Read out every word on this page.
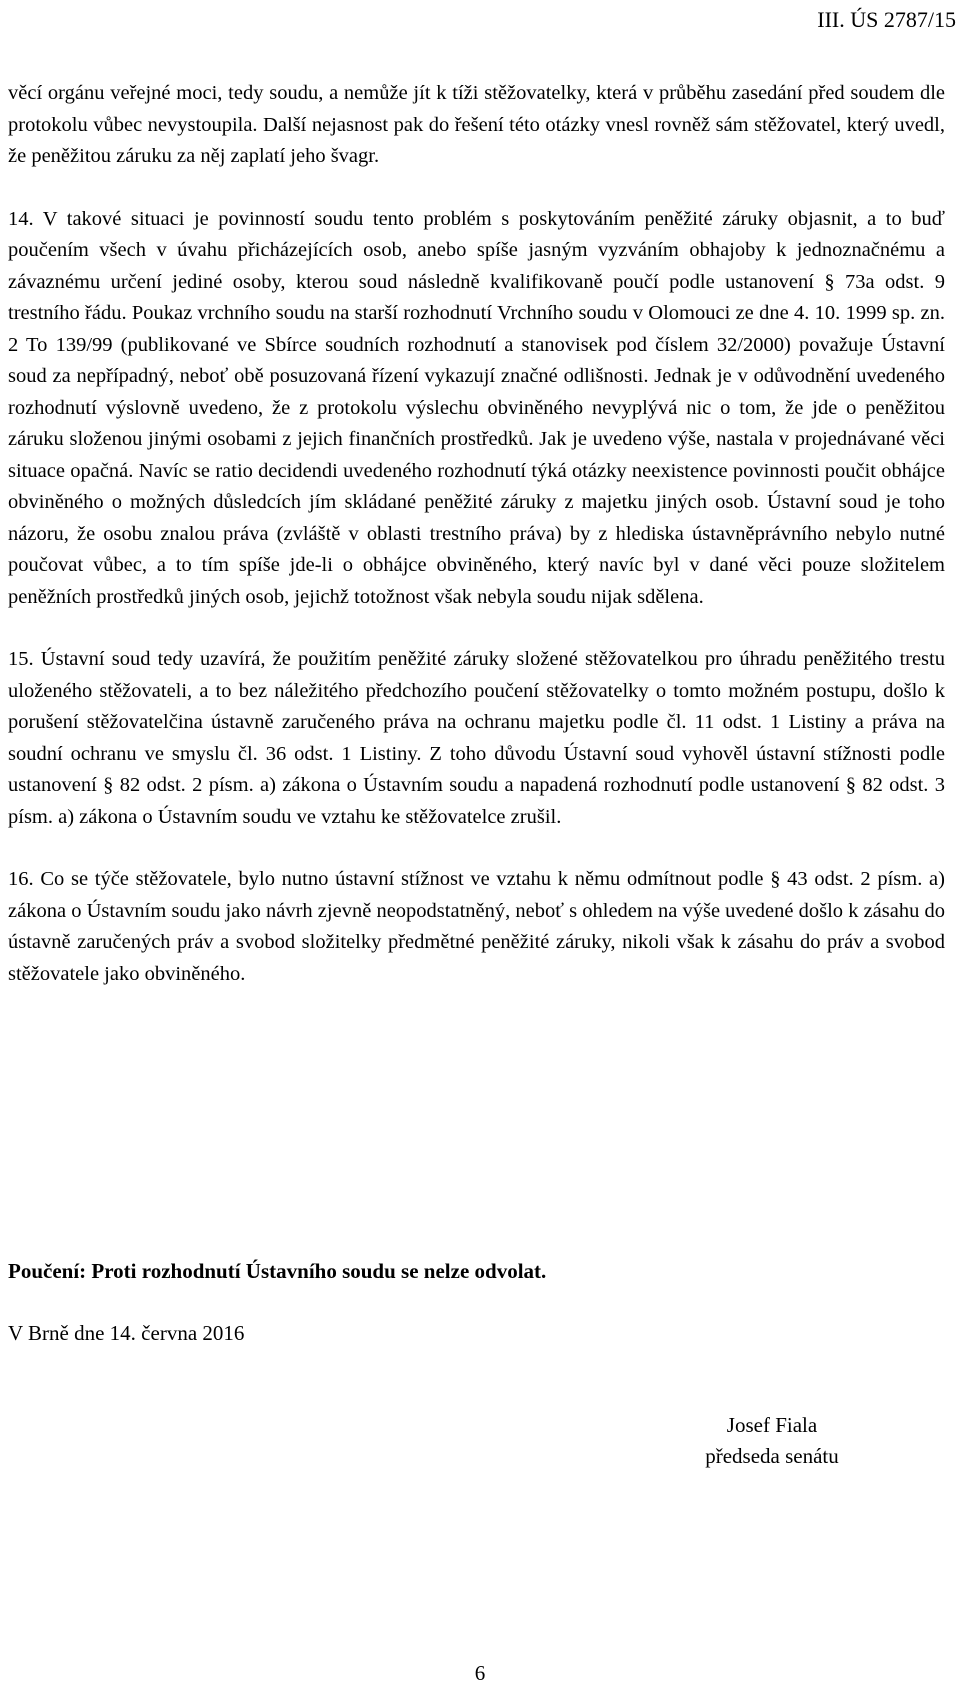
III. ÚS 2787/15

věcí orgánu veřejné moci, tedy soudu, a nemůže jít k tíži stěžovatelky, která v průběhu zasedání před soudem dle protokolu vůbec nevystoupila. Další nejasnost pak do řešení této otázky vnesl rovněž sám stěžovatel, který uvedl, že peněžitou záruku za něj zaplatí jeho švagr.

14. V takové situaci je povinností soudu tento problém s poskytováním peněžité záruky objasnit, a to buď poučením všech v úvahu přicházejících osob, anebo spíše jasným vyzváním obhajoby k jednoznačnému a závaznému určení jediné osoby, kterou soud následně kvalifikovaně poučí podle ustanovení § 73a odst. 9 trestního řádu. Poukaz vrchního soudu na starší rozhodnutí Vrchního soudu v Olomouci ze dne 4. 10. 1999 sp. zn. 2 To 139/99 (publikované ve Sbírce soudních rozhodnutí a stanovisek pod číslem 32/2000) považuje Ústavní soud za nepřípadný, neboť obě posuzovaná řízení vykazují značné odlišnosti. Jednak je v odůvodnění uvedeného rozhodnutí výslovně uvedeno, že z protokolu výslechu obviněného nevyplývá nic o tom, že jde o peněžitou záruku složenou jinými osobami z jejich finančních prostředků. Jak je uvedeno výše, nastala v projednávané věci situace opačná. Navíc se ratio decidendi uvedeného rozhodnutí týká otázky neexistence povinnosti poučit obhájce obviněného o možných důsledcích jím skládané peněžité záruky z majetku jiných osob. Ústavní soud je toho názoru, že osobu znalou práva (zvláště v oblasti trestního práva) by z hlediska ústavněprávního nebylo nutné poučovat vůbec, a to tím spíše jde-li o obhájce obviněného, který navíc byl v dané věci pouze složitelem peněžních prostředků jiných osob, jejichž totožnost však nebyla soudu nijak sdělena.

15. Ústavní soud tedy uzavírá, že použitím peněžité záruky složené stěžovatelkou pro úhradu peněžitého trestu uloženého stěžovateli, a to bez náležitého předchozího poučení stěžovatelky o tomto možném postupu, došlo k porušení stěžovatelčina ústavně zaručeného práva na ochranu majetku podle čl. 11 odst. 1 Listiny a práva na soudní ochranu ve smyslu čl. 36 odst. 1 Listiny. Z toho důvodu Ústavní soud vyhověl ústavní stížnosti podle ustanovení § 82 odst. 2 písm. a) zákona o Ústavním soudu a napadená rozhodnutí podle ustanovení § 82 odst. 3 písm. a) zákona o Ústavním soudu ve vztahu ke stěžovatelce zrušil.

16. Co se týče stěžovatele, bylo nutno ústavní stížnost ve vztahu k němu odmítnout podle § 43 odst. 2 písm. a) zákona o Ústavním soudu jako návrh zjevně neopodstatněný, neboť s ohledem na výše uvedené došlo k zásahu do ústavně zaručených práv a svobod složitelky předmětné peněžité záruky, nikoli však k zásahu do práv a svobod stěžovatele jako obviněného.

Poučení: Proti rozhodnutí Ústavního soudu se nelze odvolat.
V Brně dne 14. června 2016
Josef Fiala
předseda senátu
6
